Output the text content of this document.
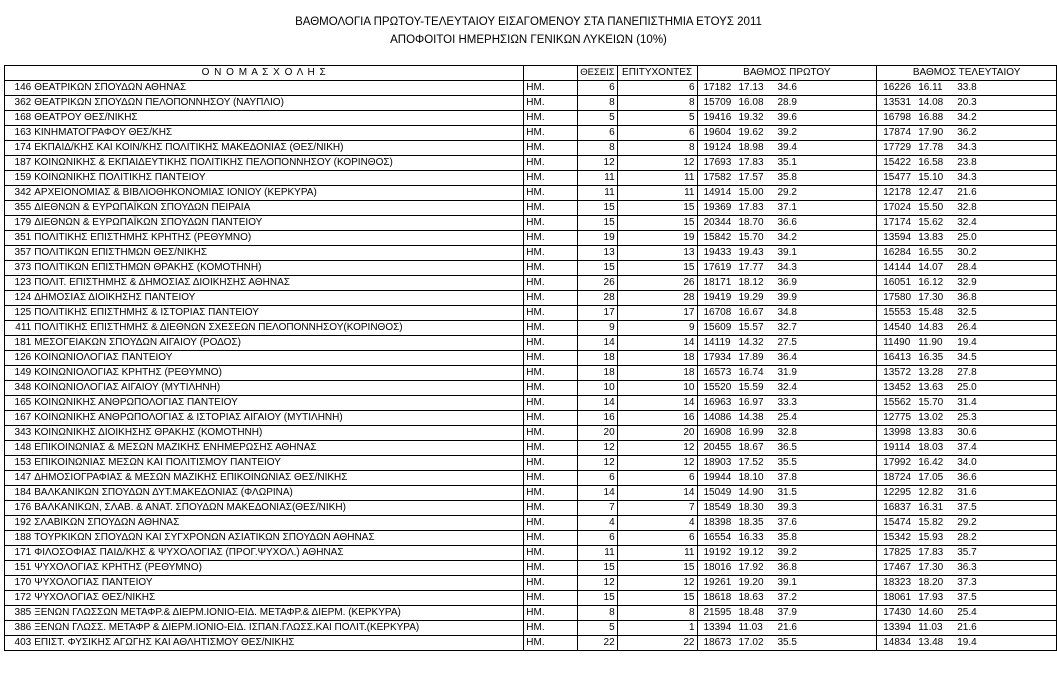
ΒΑΘΜΟΛΟΓΙΑ ΠΡΩΤΟΥ-ΤΕΛΕΥΤΑΙΟΥ ΕΙΣΑΓΟΜΕΝΟΥ ΣΤΑ ΠΑΝΕΠΙΣΤΗΜΙΑ ΕΤΟΥΣ 2011
ΑΠΟΦΟΙΤΟΙ ΗΜΕΡΗΣΙΩΝ ΓΕΝΙΚΩΝ ΛΥΚΕΙΩΝ (10%)
Ο Ν Ο Μ Α Σ Χ Ο Λ Η Σ			ΘΕΣΕΙΣ	ΕΠΙΤΥΧΟΝΤΕΣ	ΒΑΘΜΟΣ ΠΡΩΤΟΥ	ΒΑΘΜΟΣ ΤΕΛΕΥΤΑΙΟΥ
146	ΘΕΑΤΡΙΚΩΝ ΣΠΟΥΔΩΝ ΑΘΗΝΑΣ	ΗΜ.	6	6	17182 17.13 34.6	16226 16.11 33.8
362	ΘΕΑΤΡΙΚΩΝ ΣΠΟΥΔΩΝ ΠΕΛΟΠΟΝΝΗΣΟΥ (ΝΑΥΠΛΙΟ)	ΗΜ.	8	8	15709 16.08 28.9	13531 14.08 20.3
168	ΘΕΑΤΡΟΥ ΘΕΣ/ΝΙΚΗΣ	ΗΜ.	5	5	19416 19.32 39.6	16798 16.88 34.2
163	ΚΙΝΗΜΑΤΟΓΡΑΦΟΥ ΘΕΣ/ΚΗΣ	ΗΜ.	6	6	19604 19.62 39.2	17874 17.90 36.2
174	ΕΚΠΑΙΔ/ΚΗΣ ΚΑΙ ΚΟΙΝ/ΚΗΣ ΠΟΛΙΤΙΚΗΣ ΜΑΚΕΔΟΝΙΑΣ (ΘΕΣ/ΝΙΚΗ)	ΗΜ.	8	8	19124 18.98 39.4	17729 17.78 34.3
187	ΚΟΙΝΩΝΙΚΗΣ & ΕΚΠΑΙΔΕΥΤΙΚΗΣ ΠΟΛΙΤΙΚΗΣ ΠΕΛΟΠΟΝΝΗΣΟΥ (ΚΟΡΙΝΘΟΣ)	ΗΜ.	12	12	17693 17.83 35.1	15422 16.58 23.8
159	ΚΟΙΝΩΝΙΚΗΣ ΠΟΛΙΤΙΚΗΣ ΠΑΝΤΕΙΟΥ	ΗΜ.	11	11	17582 17.57 35.8	15477 15.10 34.3
342	ΑΡΧΕΙΟΝΟΜΙΑΣ & ΒΙΒΛΙΟΘΗΚΟΝΟΜΙΑΣ ΙΟΝΙΟΥ (ΚΕΡΚΥΡΑ)	ΗΜ.	11	11	14914 15.00 29.2	12178 12.47 21.6
355	ΔΙΕΘΝΩΝ & ΕΥΡΩΠΑΪΚΩΝ ΣΠΟΥΔΩΝ ΠΕΙΡΑΙΑ	ΗΜ.	15	15	19369 17.83 37.1	17024 15.50 32.8
179	ΔΙΕΘΝΩΝ & ΕΥΡΩΠΑΪΚΩΝ ΣΠΟΥΔΩΝ ΠΑΝΤΕΙΟΥ	ΗΜ.	15	15	20344 18.70 36.6	17174 15.62 32.4
351	ΠΟΛΙΤΙΚΗΣ ΕΠΙΣΤΗΜΗΣ ΚΡΗΤΗΣ (ΡΕΘΥΜΝΟ)	ΗΜ.	19	19	15842 15.70 34.2	13594 13.83 25.0
357	ΠΟΛΙΤΙΚΩΝ ΕΠΙΣΤΗΜΩΝ ΘΕΣ/ΝΙΚΗΣ	ΗΜ.	13	13	19433 19.43 39.1	16284 16.55 30.2
373	ΠΟΛΙΤΙΚΩΝ ΕΠΙΣΤΗΜΩΝ ΘΡΑΚΗΣ (ΚΟΜΟΤΗΝΗ)	ΗΜ.	15	15	17619 17.77 34.3	14144 14.07 28.4
123	ΠΟΛΙΤ. ΕΠΙΣΤΗΜΗΣ & ΔΗΜΟΣΙΑΣ ΔΙΟΙΚΗΣΗΣ ΑΘΗΝΑΣ	ΗΜ.	26	26	18171 18.12 36.9	16051 16.12 32.9
124	ΔΗΜΟΣΙΑΣ ΔΙΟΙΚΗΣΗΣ ΠΑΝΤΕΙΟΥ	ΗΜ.	28	28	19419 19.29 39.9	17580 17.30 36.8
125	ΠΟΛΙΤΙΚΗΣ ΕΠΙΣΤΗΜΗΣ & ΙΣΤΟΡΙΑΣ ΠΑΝΤΕΙΟΥ	ΗΜ.	17	17	16708 16.67 34.8	15553 15.48 32.5
411	ΠΟΛΙΤΙΚΗΣ ΕΠΙΣΤΗΜΗΣ & ΔΙΕΘΝΩΝ ΣΧΕΣΕΩΝ ΠΕΛΟΠΟΝΝΗΣΟΥ(ΚΟΡΙΝΘΟΣ)	ΗΜ.	9	9	15609 15.57 32.7	14540 14.83 26.4
181	ΜΕΣΟΓΕΙΑΚΩΝ ΣΠΟΥΔΩΝ ΑΙΓΑΙΟΥ (ΡΟΔΟΣ)	ΗΜ.	14	14	14119 14.32 27.5	11490 11.90 19.4
126	ΚΟΙΝΩΝΙΟΛΟΓΙΑΣ ΠΑΝΤΕΙΟΥ	ΗΜ.	18	18	17934 17.89 36.4	16413 16.35 34.5
149	ΚΟΙΝΩΝΙΟΛΟΓΙΑΣ ΚΡΗΤΗΣ (ΡΕΘΥΜΝΟ)	ΗΜ.	18	18	16573 16.74 31.9	13572 13.28 27.8
348	ΚΟΙΝΩΝΙΟΛΟΓΙΑΣ ΑΙΓΑΙΟΥ (ΜΥΤΙΛΗΝΗ)	ΗΜ.	10	10	15520 15.59 32.4	13452 13.63 25.0
165	ΚΟΙΝΩΝΙΚΗΣ ΑΝΘΡΩΠΟΛΟΓΙΑΣ ΠΑΝΤΕΙΟΥ	ΗΜ.	14	14	16963 16.97 33.3	15562 15.70 31.4
167	ΚΟΙΝΩΝΙΚΗΣ ΑΝΘΡΩΠΟΛΟΓΙΑΣ & ΙΣΤΟΡΙΑΣ ΑΙΓΑΙΟΥ (ΜΥΤΙΛΗΝΗ)	ΗΜ.	16	16	14086 14.38 25.4	12775 13.02 25.3
343	ΚΟΙΝΩΝΙΚΗΣ ΔΙΟΙΚΗΣΗΣ ΘΡΑΚΗΣ (ΚΟΜΟΤΗΝΗ)	ΗΜ.	20	20	16908 16.99 32.8	13998 13.83 30.6
148	ΕΠΙΚΟΙΝΩΝΙΑΣ & ΜΕΣΩΝ ΜΑΖΙΚΗΣ ΕΝΗΜΕΡΩΣΗΣ ΑΘΗΝΑΣ	ΗΜ.	12	12	20455 18.67 36.5	19114 18.03 37.4
153	ΕΠΙΚΟΙΝΩΝΙΑΣ ΜΕΣΩΝ ΚΑΙ ΠΟΛΙΤΙΣΜΟΥ ΠΑΝΤΕΙΟΥ	ΗΜ.	12	12	18903 17.52 35.5	17992 16.42 34.0
147	ΔΗΜΟΣΙΟΓΡΑΦΙΑΣ & ΜΕΣΩΝ ΜΑΖΙΚΗΣ ΕΠΙΚΟΙΝΩΝΙΑΣ ΘΕΣ/ΝΙΚΗΣ	ΗΜ.	6	6	19944 18.10 37.8	18724 17.05 36.6
184	ΒΑΛΚΑΝΙΚΩΝ ΣΠΟΥΔΩΝ ΔΥΤ.ΜΑΚΕΔΟΝΙΑΣ (ΦΛΩΡΙΝΑ)	ΗΜ.	14	14	15049 14.90 31.5	12295 12.82 31.6
176	ΒΑΛΚΑΝΙΚΩΝ, ΣΛΑΒ. & ΑΝΑΤ. ΣΠΟΥΔΩΝ ΜΑΚΕΔΟΝΙΑΣ(ΘΕΣ/ΝΙΚΗ)	ΗΜ.	7	7	18549 18.30 39.3	16837 16.31 37.5
192	ΣΛΑΒΙΚΩΝ ΣΠΟΥΔΩΝ ΑΘΗΝΑΣ	ΗΜ.	4	4	18398 18.35 37.6	15474 15.82 29.2
188	ΤΟΥΡΚΙΚΩΝ ΣΠΟΥΔΩΝ ΚΑΙ ΣΥΓΧΡΟΝΩΝ ΑΣΙΑΤΙΚΩΝ ΣΠΟΥΔΩΝ ΑΘΗΝΑΣ	ΗΜ.	6	6	16554 16.33 35.8	15342 15.93 28.2
171	ΦΙΛΟΣΟΦΙΑΣ ΠΑΙΔ/ΚΗΣ & ΨΥΧΟΛΟΓΙΑΣ (ΠΡΟΓ.ΨΥΧΟΛ.) ΑΘΗΝΑΣ	ΗΜ.	11	11	19192 19.12 39.2	17825 17.83 35.7
151	ΨΥΧΟΛΟΓΙΑΣ ΚΡΗΤΗΣ (ΡΕΘΥΜΝΟ)	ΗΜ.	15	15	18016 17.92 36.8	17467 17.30 36.3
170	ΨΥΧΟΛΟΓΙΑΣ ΠΑΝΤΕΙΟΥ	ΗΜ.	12	12	19261 19.20 39.1	18323 18.20 37.3
172	ΨΥΧΟΛΟΓΙΑΣ ΘΕΣ/ΝΙΚΗΣ	ΗΜ.	15	15	18618 18.63 37.2	18061 17.93 37.5
385	ΞΕΝΩΝ ΓΛΩΣΣΩΝ ΜΕΤΑΦΡ.& ΔΙΕΡΜ.ΙΟΝΙΟ-ΕΙΔ. ΜΕΤΑΦΡ.& ΔΙΕΡΜ. (ΚΕΡΚΥΡΑ)	ΗΜ.	8	8	21595 18.48 37.9	17430 14.60 25.4
386	ΞΕΝΩΝ ΓΛΩΣΣ. ΜΕΤΑΦΡ & ΔΙΕΡΜ.ΙΟΝΙΟ-ΕΙΔ. ΙΣΠΑΝ.ΓΛΩΣΣ.ΚΑΙ ΠΟΛΙΤ.(ΚΕΡΚΥΡΑ)	ΗΜ.	5	1	13394 11.03 21.6	13394 11.03 21.6
403	ΕΠΙΣΤ. ΦΥΣΙΚΗΣ ΑΓΩΓΗΣ ΚΑΙ ΑΘΛΗΤΙΣΜΟΥ ΘΕΣ/ΝΙΚΗΣ	ΗΜ.	22	22	18673 17.02 35.5	14834 13.48 19.4
